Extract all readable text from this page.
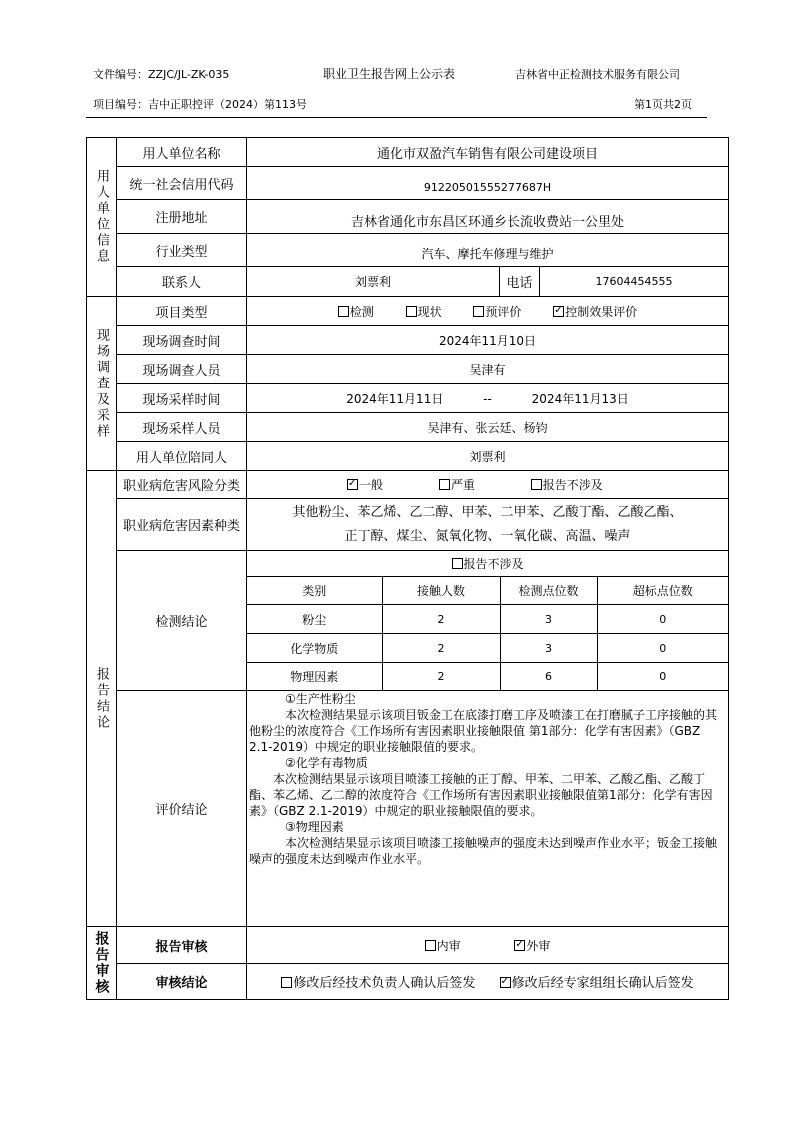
文件编号：ZZJC/JL-ZK-035	职业卫生报告网上公示表	吉林省中正检测技术服务有限公司
项目编号：吉中正职控评（2024）第113号	第1页共2页
用人单位信息
	用人单位名称	通化市双盈汽车销售有限公司建设项目
统一社会信用代码	91220501555277687H
注册地址	吉林省通化市东昌区环通乡长流收费站一公里处
行业类型	汽车、摩托车修理与维护
联系人	刘票利	电话	17604454555

现场调查及采样
	项目类型	检测	现状	预评价 ✓	控制效果评价
现场调查时间	2024年11月10日
现场调查人员	吴津有
现场采样时间	2024年11月11日	--	2024年11月13日
现场采样人员	吴津有、张云廷、杨钧
用人单位陪同人	刘票利

报告结论
	职业病危害风险分类	✓一般	严重	报告不涉及
职业病危害因素种类	
其他粉尘、苯乙烯、乙二醇、甲苯、二甲苯、乙酸丁酯、乙酸乙酯、
正丁醇、煤尘、氮氧化物、一氧化碳、高温、噪声

检测结论	报告不涉及

类别	接触人数	检测点位数	超标点位数
粉尘	2	3	0
化学物质	2	3	0
物理因素	2	6	0

评价结论	

①生产性粉尘

本次检测结果显示该项目钣金工在底漆打磨工序及喷漆工在打磨腻子工序接触的其他粉尘的浓度符合《工作场所有害因素职业接触限值 第1部分：化学有害因素》（GBZ 2.1-2019）中规定的职业接触限值的要求。

②化学有毒物质

本次检测结果显示该项目喷漆工接触的正丁醇、甲苯、二甲苯、乙酸乙酯、乙酸丁酯、苯乙烯、乙二醇的浓度符合《工作场所有害因素职业接触限值第1部分：化学有害因素》（GBZ 2.1-2019）中规定的职业接触限值的要求。

③物理因素

本次检测结果显示该项目喷漆工接触噪声的强度未达到噪声作业水平；钣金工接触噪声的强度未达到噪声作业水平。

报告审核	报告审核	内审 ✓	外审
审核结论	修改后经技术负责人确认后签发 ✓	修改后经专家组组长确认后签发
